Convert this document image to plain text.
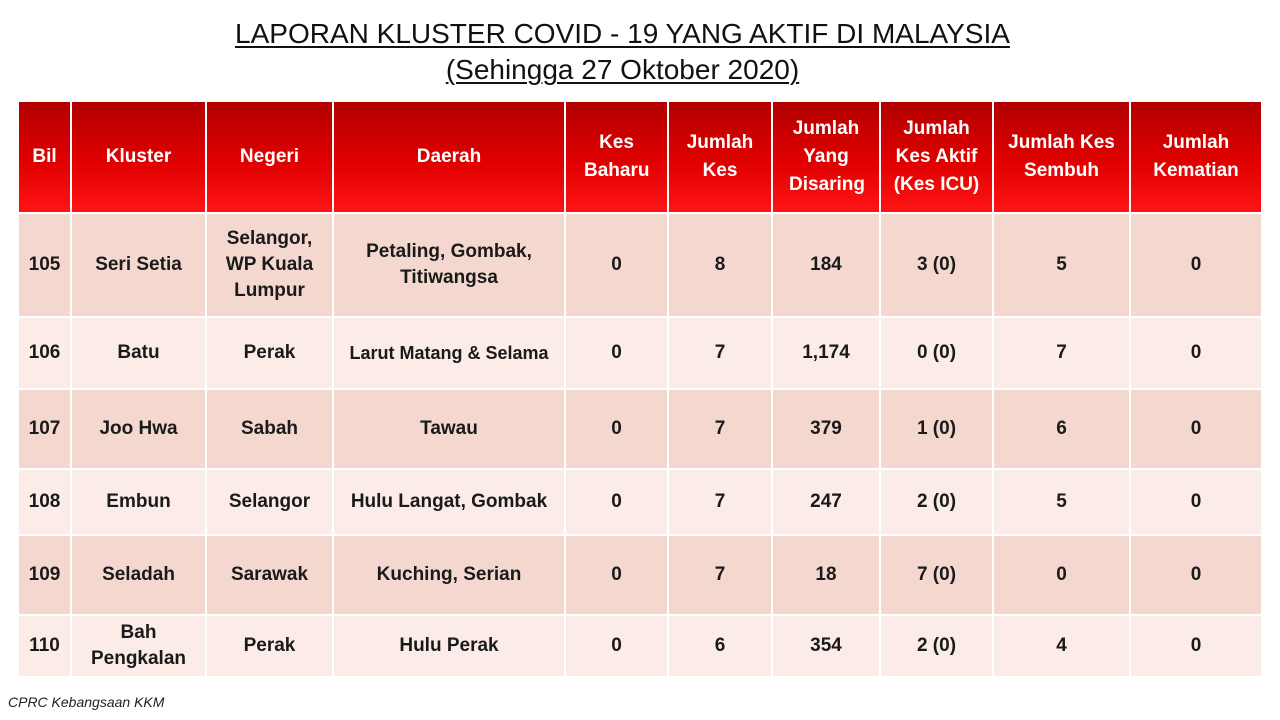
LAPORAN KLUSTER COVID - 19 YANG AKTIF DI MALAYSIA
(Sehingga 27 Oktober 2020)
Bil	Kluster	Negeri	Daerah	Kes Baharu	Jumlah Kes	Jumlah Yang Disaring	Jumlah Kes Aktif (Kes ICU)	Jumlah Kes Sembuh	Jumlah Kematian
105	Seri Setia	Selangor, WP Kuala Lumpur	Petaling, Gombak, Titiwangsa	0	8	184	3 (0)	5	0
106	Batu	Perak	Larut Matang & Selama	0	7	1,174	0 (0)	7	0
107	Joo Hwa	Sabah	Tawau	0	7	379	1 (0)	6	0
108	Embun	Selangor	Hulu Langat, Gombak	0	7	247	2 (0)	5	0
109	Seladah	Sarawak	Kuching, Serian	0	7	18	7 (0)	0	0
110	Bah Pengkalan	Perak	Hulu Perak	0	6	354	2 (0)	4	0
CPRC Kebangsaan KKM
